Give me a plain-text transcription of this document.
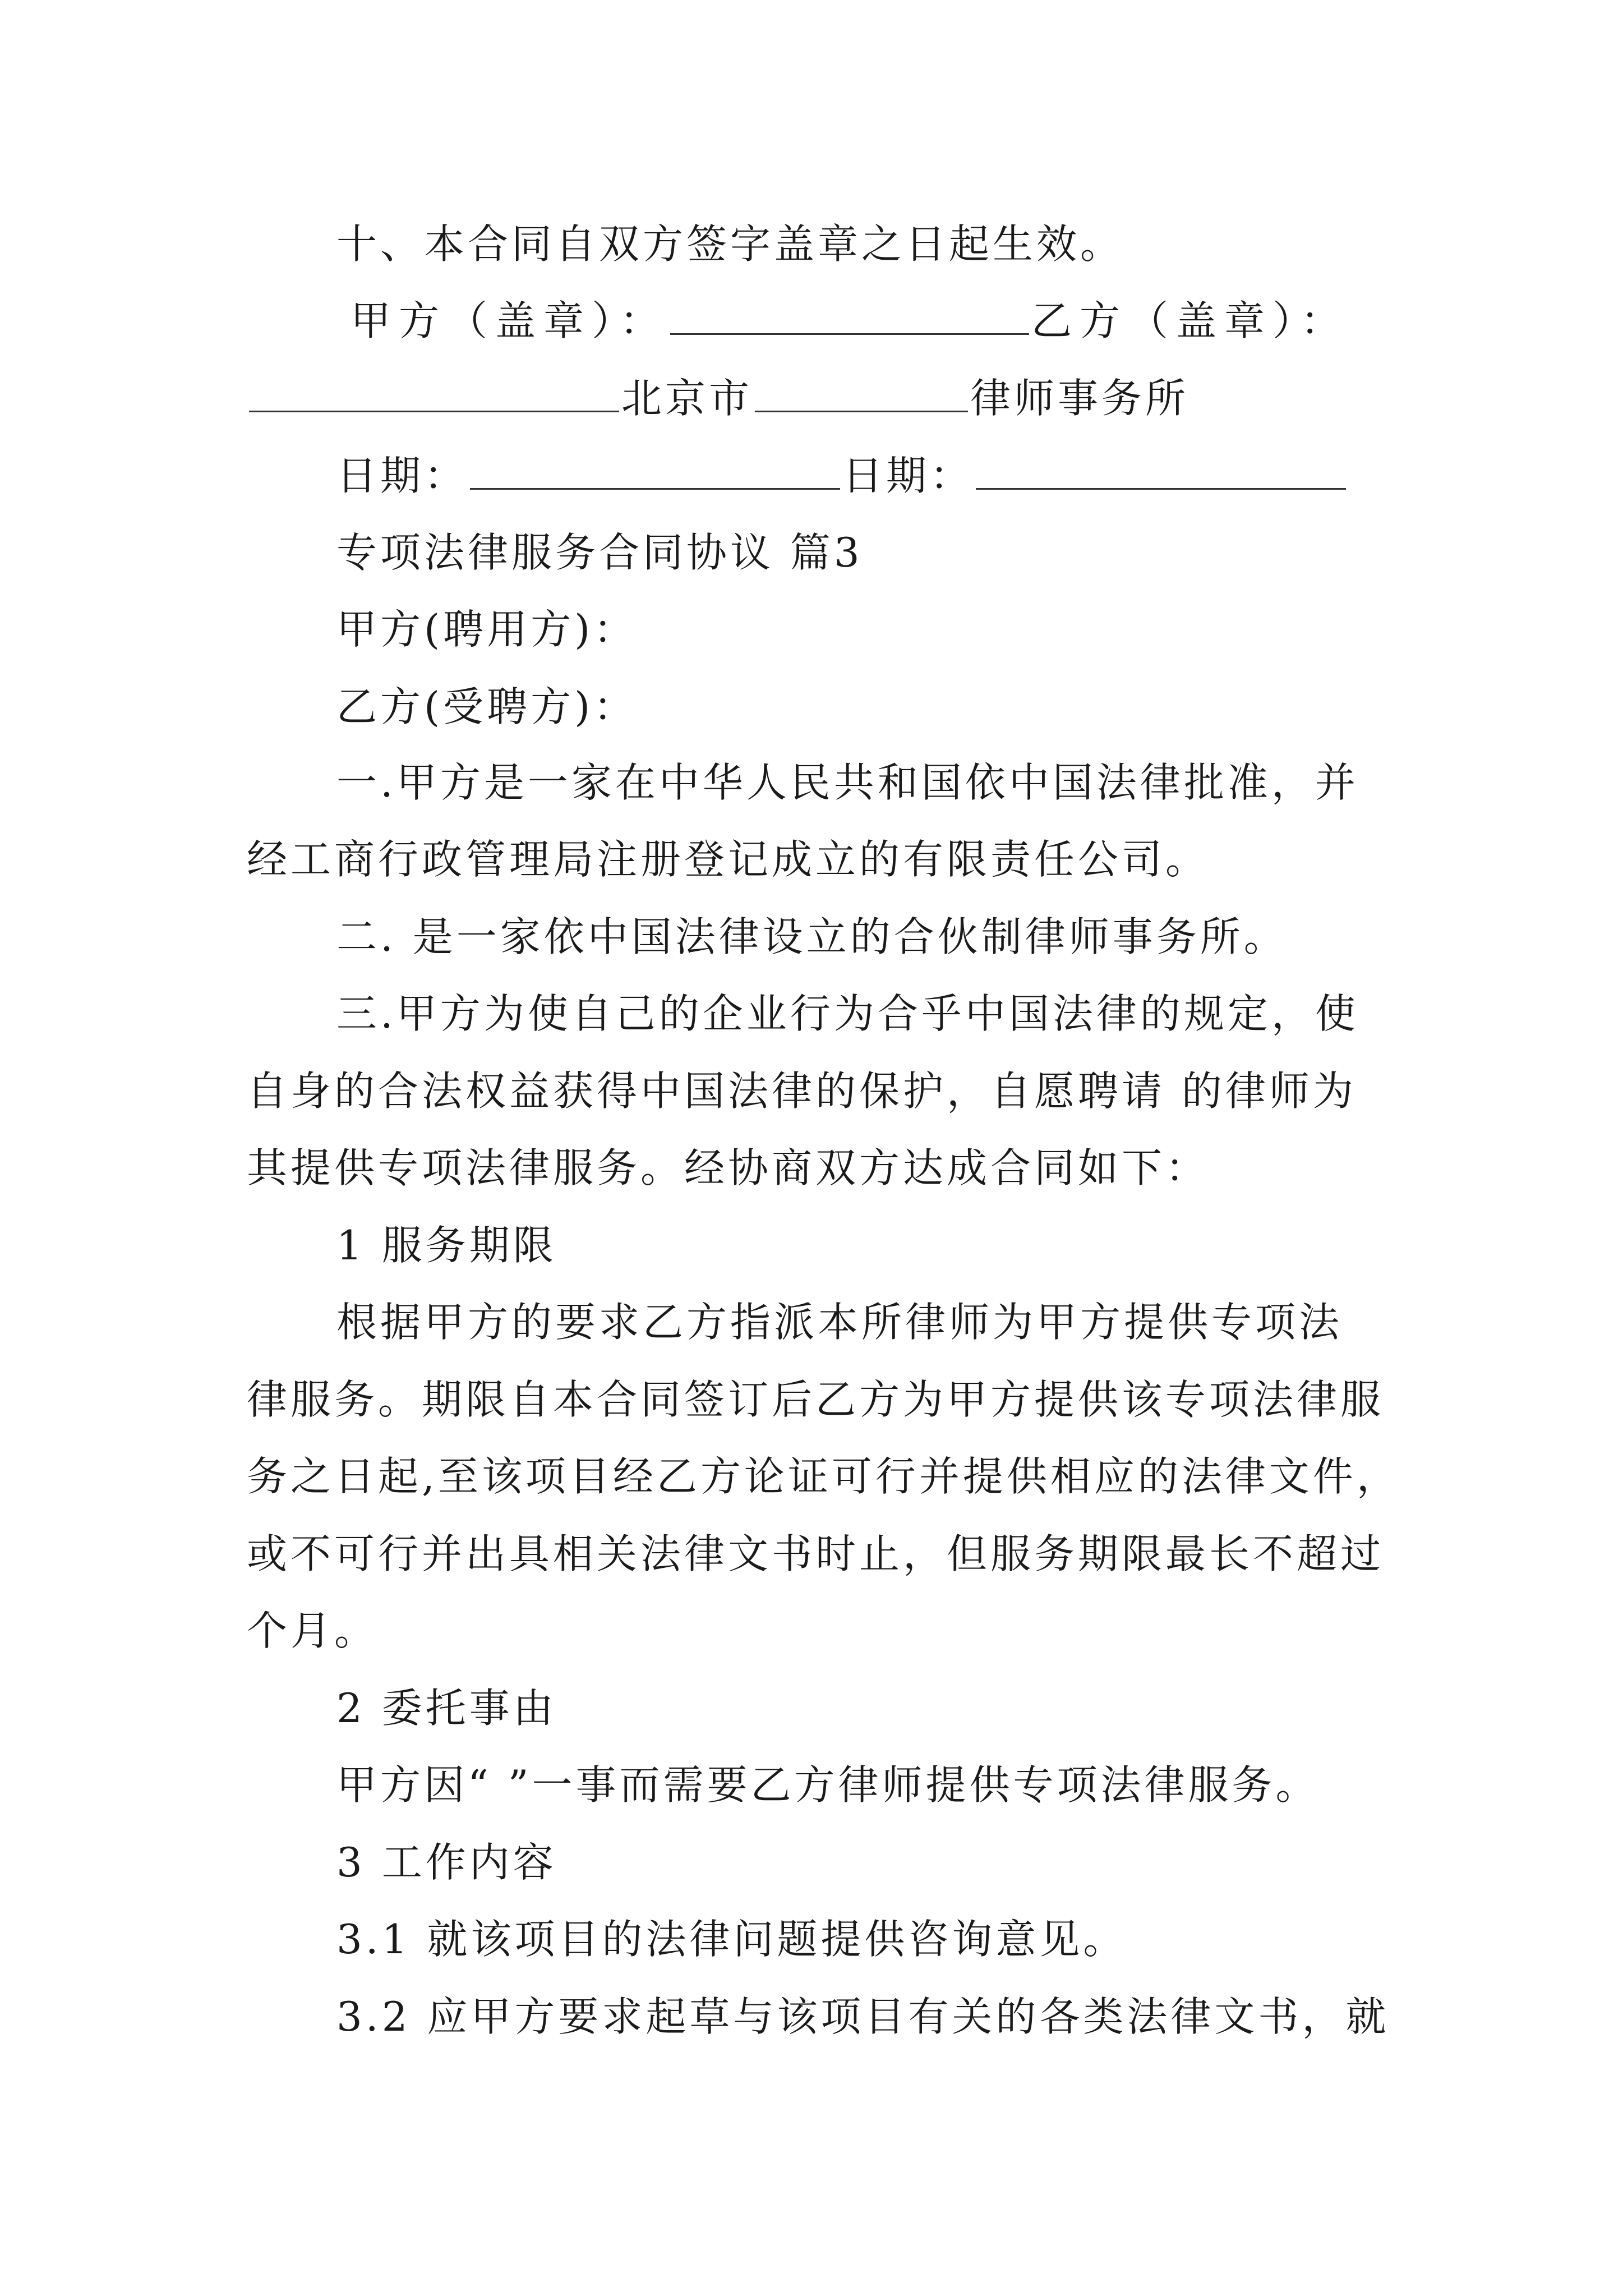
十、本合同自双方签字盖章之日起生效。
甲方（盖章）：	乙方（盖章）：
北京市	律师事务所
日期：	日期：
专项法律服务合同协议 篇3
甲方(聘用方)：
乙方(受聘方)：
一.甲方是一家在中华人民共和国依中国法律批准，并
经工商行政管理局注册登记成立的有限责任公司。
二. 是一家依中国法律设立的合伙制律师事务所。
三.甲方为使自己的企业行为合乎中国法律的规定，使
自身的合法权益获得中国法律的保护，自愿聘请 的律师为
其提供专项法律服务。经协商双方达成合同如下：
1 服务期限
根据甲方的要求乙方指派本所律师为甲方提供专项法
律服务。期限自本合同签订后乙方为甲方提供该专项法律服
务之日起,至该项目经乙方论证可行并提供相应的法律文件，
或不可行并出具相关法律文书时止，但服务期限最长不超过
个月。
2 委托事由
甲方因“ ”一事而需要乙方律师提供专项法律服务。
3 工作内容
3.1 就该项目的法律问题提供咨询意见。
3.2 应甲方要求起草与该项目有关的各类法律文书，就
